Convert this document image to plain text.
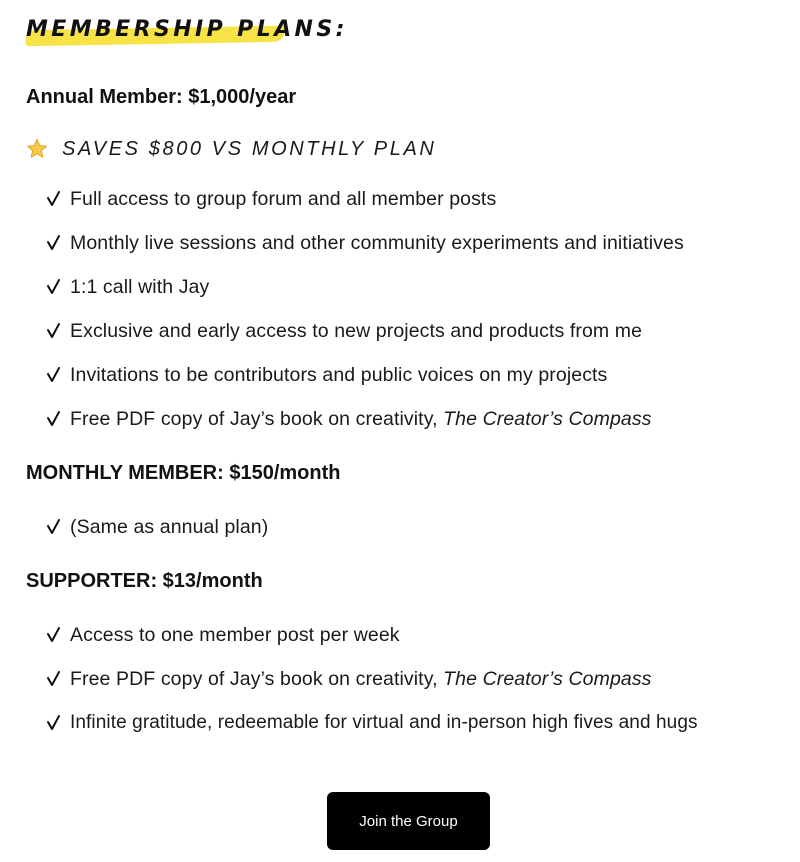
MEMBERSHIP PLANS:
Annual Member: $1,000/year
SAVES $800 VS MONTHLY PLAN
Full access to group forum and all member posts
Monthly live sessions and other community experiments and initiatives
1:1 call with Jay
Exclusive and early access to new projects and products from me
Invitations to be contributors and public voices on my projects
Free PDF copy of Jay’s book on creativity, The Creator’s Compass
MONTHLY MEMBER: $150/month
(Same as annual plan)
SUPPORTER: $13/month
Access to one member post per week
Free PDF copy of Jay’s book on creativity, The Creator’s Compass
Infinite gratitude, redeemable for virtual and in-person high fives and hugs
Join the Group
